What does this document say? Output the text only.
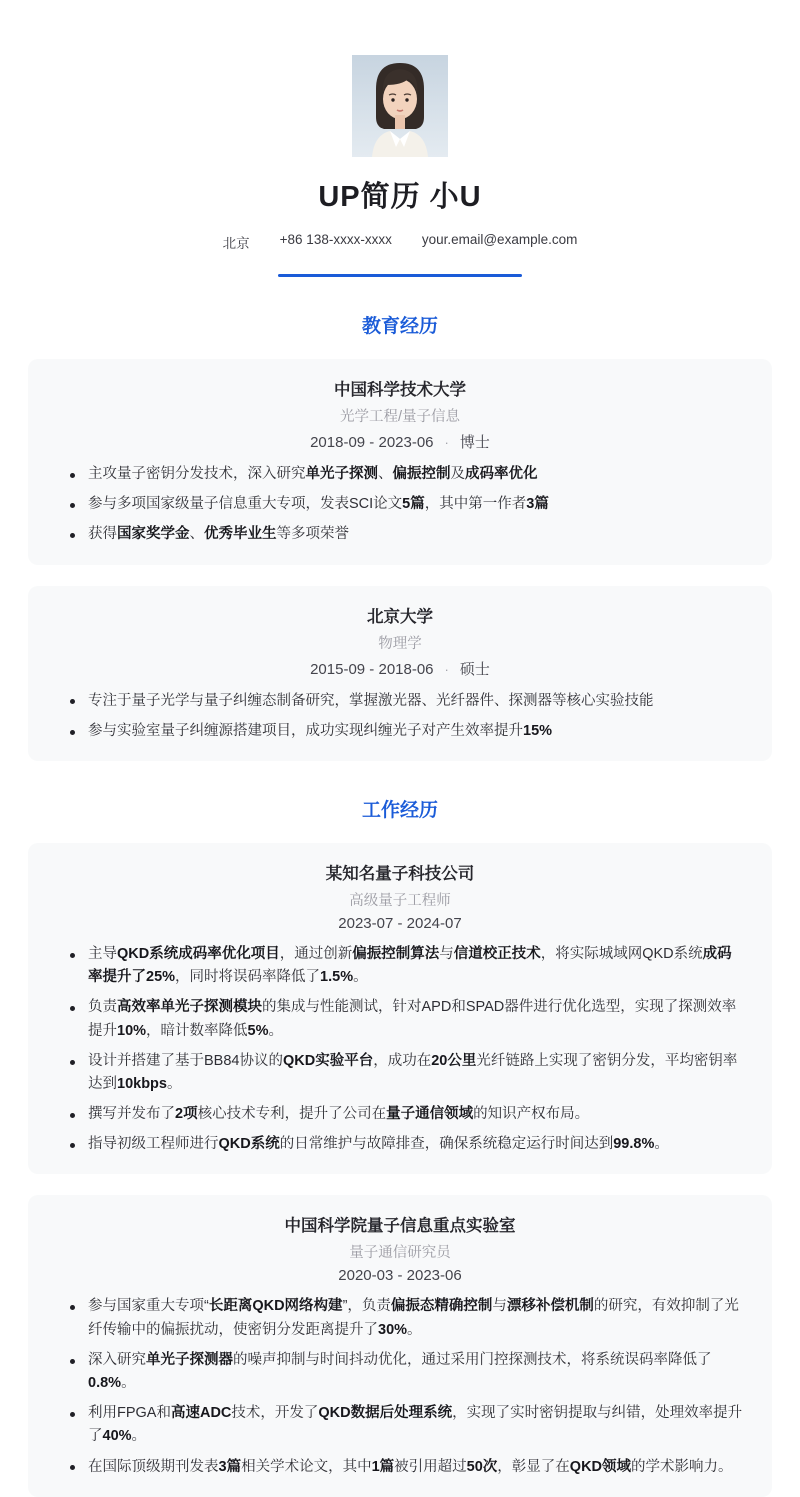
UP简历 小U
北京 +86 138-xxxx-xxxx your.email@example.com
教育经历
中国科学技术大学
光学工程/量子信息
2018-09 - 2023-06 · 博士
主攻量子密钥分发技术，深入研究单光子探测、偏振控制及成码率优化
参与多项国家级量子信息重大专项，发表SCI论文5篇，其中第一作者3篇
获得国家奖学金、优秀毕业生等多项荣誉
北京大学
物理学
2015-09 - 2018-06 · 硕士
专注于量子光学与量子纠缠态制备研究，掌握激光器、光纤器件、探测器等核心实验技能
参与实验室量子纠缠源搭建项目，成功实现纠缠光子对产生效率提升15%
工作经历
某知名量子科技公司
高级量子工程师
2023-07 - 2024-07
主导QKD系统成码率优化项目，通过创新偏振控制算法与信道校正技术，将实际城域网QKD系统成码率提升了25%，同时将误码率降低了1.5%。
负责高效率单光子探测模块的集成与性能测试，针对APD和SPAD器件进行优化选型，实现了探测效率提升10%，暗计数率降低5%。
设计并搭建了基于BB84协议的QKD实验平台，成功在20公里光纤链路上实现了密钥分发，平均密钥率达到10kbps。
撰写并发布了2项核心技术专利，提升了公司在量子通信领域的知识产权布局。
指导初级工程师进行QKD系统的日常维护与故障排查，确保系统稳定运行时间达到99.8%。
中国科学院量子信息重点实验室
量子通信研究员
2020-03 - 2023-06
参与国家重大专项“长距离QKD网络构建”，负责偏振态精确控制与漂移补偿机制的研究，有效抑制了光纤传输中的偏振扰动，使密钥分发距离提升了30%。
深入研究单光子探测器的噪声抑制与时间抖动优化，通过采用门控探测技术，将系统误码率降低了0.8%。
利用FPGA和高速ADC技术，开发了QKD数据后处理系统，实现了实时密钥提取与纠错，处理效率提升了40%。
在国际顶级期刊发表3篇相关学术论文，其中1篇被引用超过50次，彰显了在QKD领域的学术影响力。
